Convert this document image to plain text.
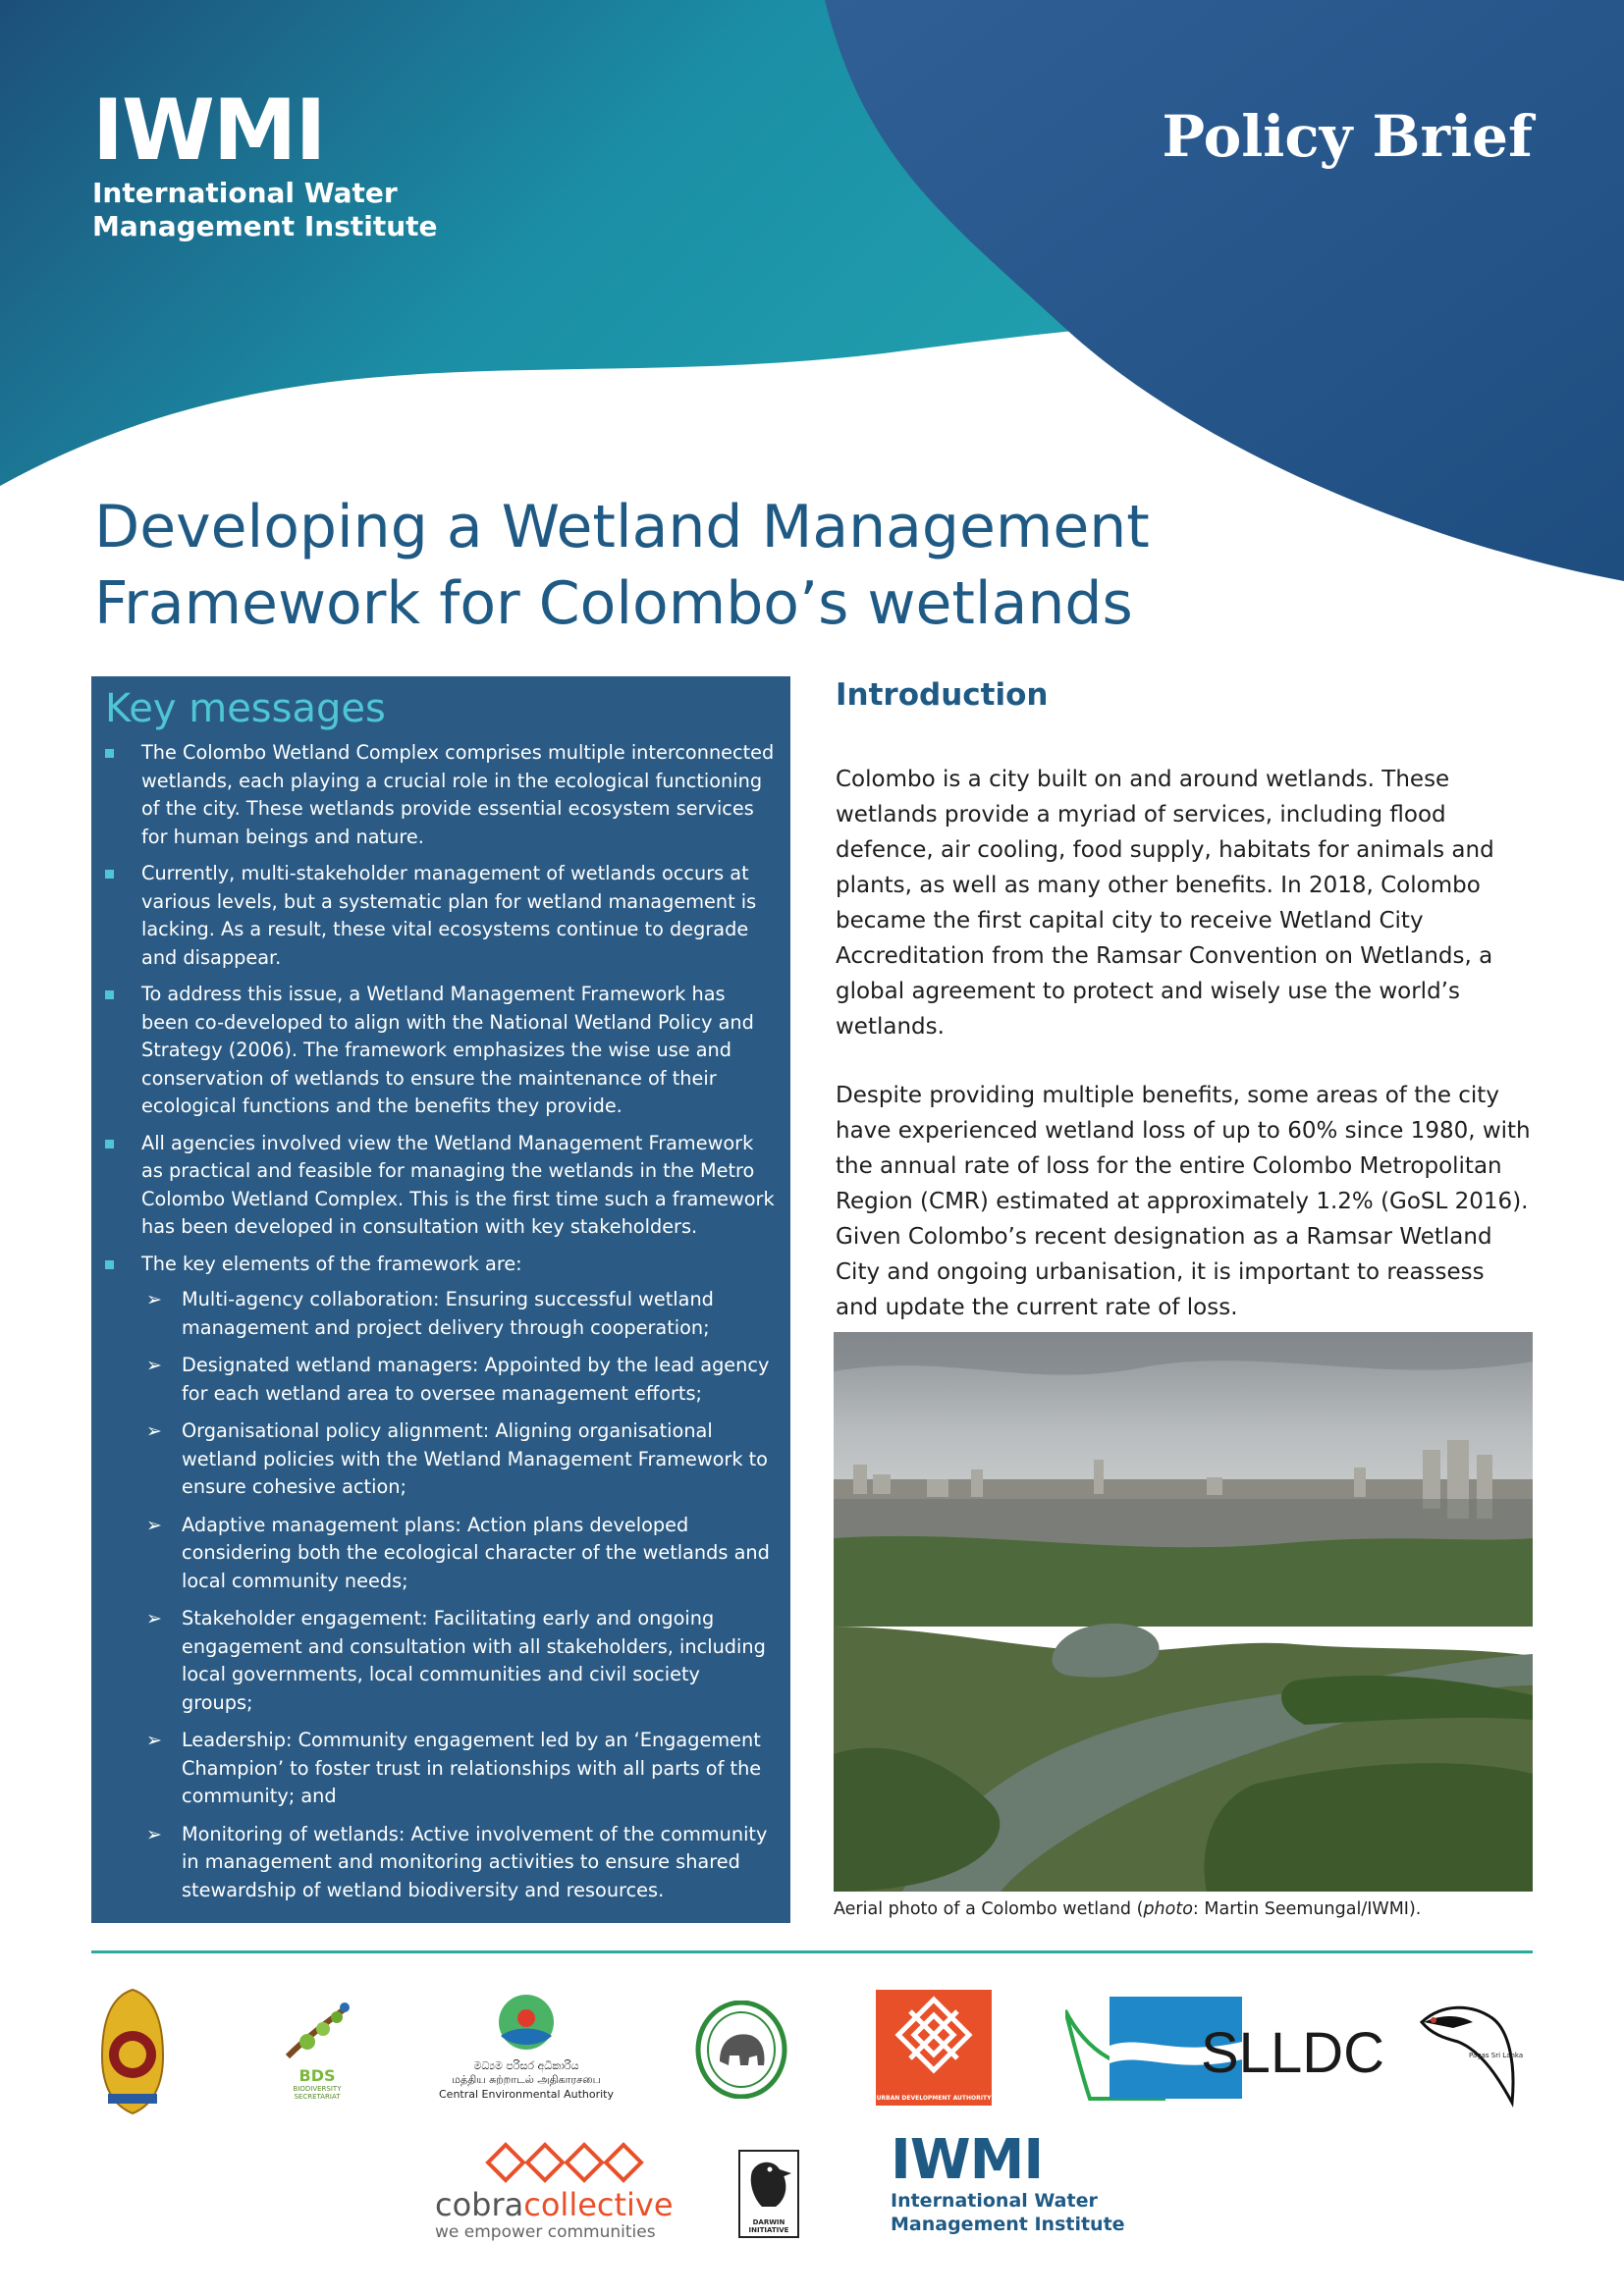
IWMI
International Water
Management Institute
Policy Brief
Developing a Wetland Management
Framework for Colombo’s wetlands
Key messages
The Colombo Wetland Complex comprises multiple interconnected wetlands, each playing a crucial role in the ecological functioning of the city. These wetlands provide essential ecosystem services for human beings and nature.
Currently, multi-stakeholder management of wetlands occurs at various levels, but a systematic plan for wetland management is lacking. As a result, these vital ecosystems continue to degrade and disappear.
To address this issue, a Wetland Management Framework has been co-developed to align with the National Wetland Policy and Strategy (2006). The framework emphasizes the wise use and conservation of wetlands to ensure the maintenance of their ecological functions and the benefits they provide.
All agencies involved view the Wetland Management Framework as practical and feasible for managing the wetlands in the Metro Colombo Wetland Complex. This is the first time such a framework has been developed in consultation with key stakeholders.
The key elements of the framework are:
➢ Multi-agency collaboration: Ensuring successful wetland management and project delivery through cooperation;
➢ Designated wetland managers: Appointed by the lead agency for each wetland area to oversee management efforts;
➢ Organisational policy alignment: Aligning organisational wetland policies with the Wetland Management Framework to ensure cohesive action;
➢ Adaptive management plans: Action plans developed considering both the ecological character of the wetlands and local community needs;
➢ Stakeholder engagement: Facilitating early and ongoing engagement and consultation with all stakeholders, including local governments, local communities and civil society groups;
➢ Leadership: Community engagement led by an ‘Engagement Champion’ to foster trust in relationships with all parts of the community; and
➢ Monitoring of wetlands: Active involvement of the community in management and monitoring activities to ensure shared stewardship of wetland biodiversity and resources.
Introduction

Colombo is a city built on and around wetlands. These wetlands provide a myriad of services, including flood defence, air cooling, food supply, habitats for animals and plants, as well as many other benefits. In 2018, Colombo became the first capital city to receive Wetland City Accreditation from the Ramsar Convention on Wetlands, a global agreement to protect and wisely use the world’s wetlands.

Despite providing multiple benefits, some areas of the city have experienced wetland loss of up to 60% since 1980, with the annual rate of loss for the entire Colombo Metropolitan Region (CMR) estimated at approximately 1.2% (GoSL 2016). Given Colombo’s recent designation as a Ramsar Wetland City and ongoing urbanisation, it is important to reassess and update the current rate of loss.

Aerial photo of a Colombo wetland (photo: Martin Seemungal/IWMI).
BDS
BIODIVERSITY SECRETARIAT
මධ්‍යම පරිසර අධිකාරිය
மத்திய சுற்றாடல் அதிகாரசபை
Central Environmental Authority	URBAN DEVELOPMENT AUTHORITY
SLLDC	Pagas Sri Lanka
cobracollective
we empower communities	DARWIN INITIATIVE
IWMI
International Water
Management Institute
